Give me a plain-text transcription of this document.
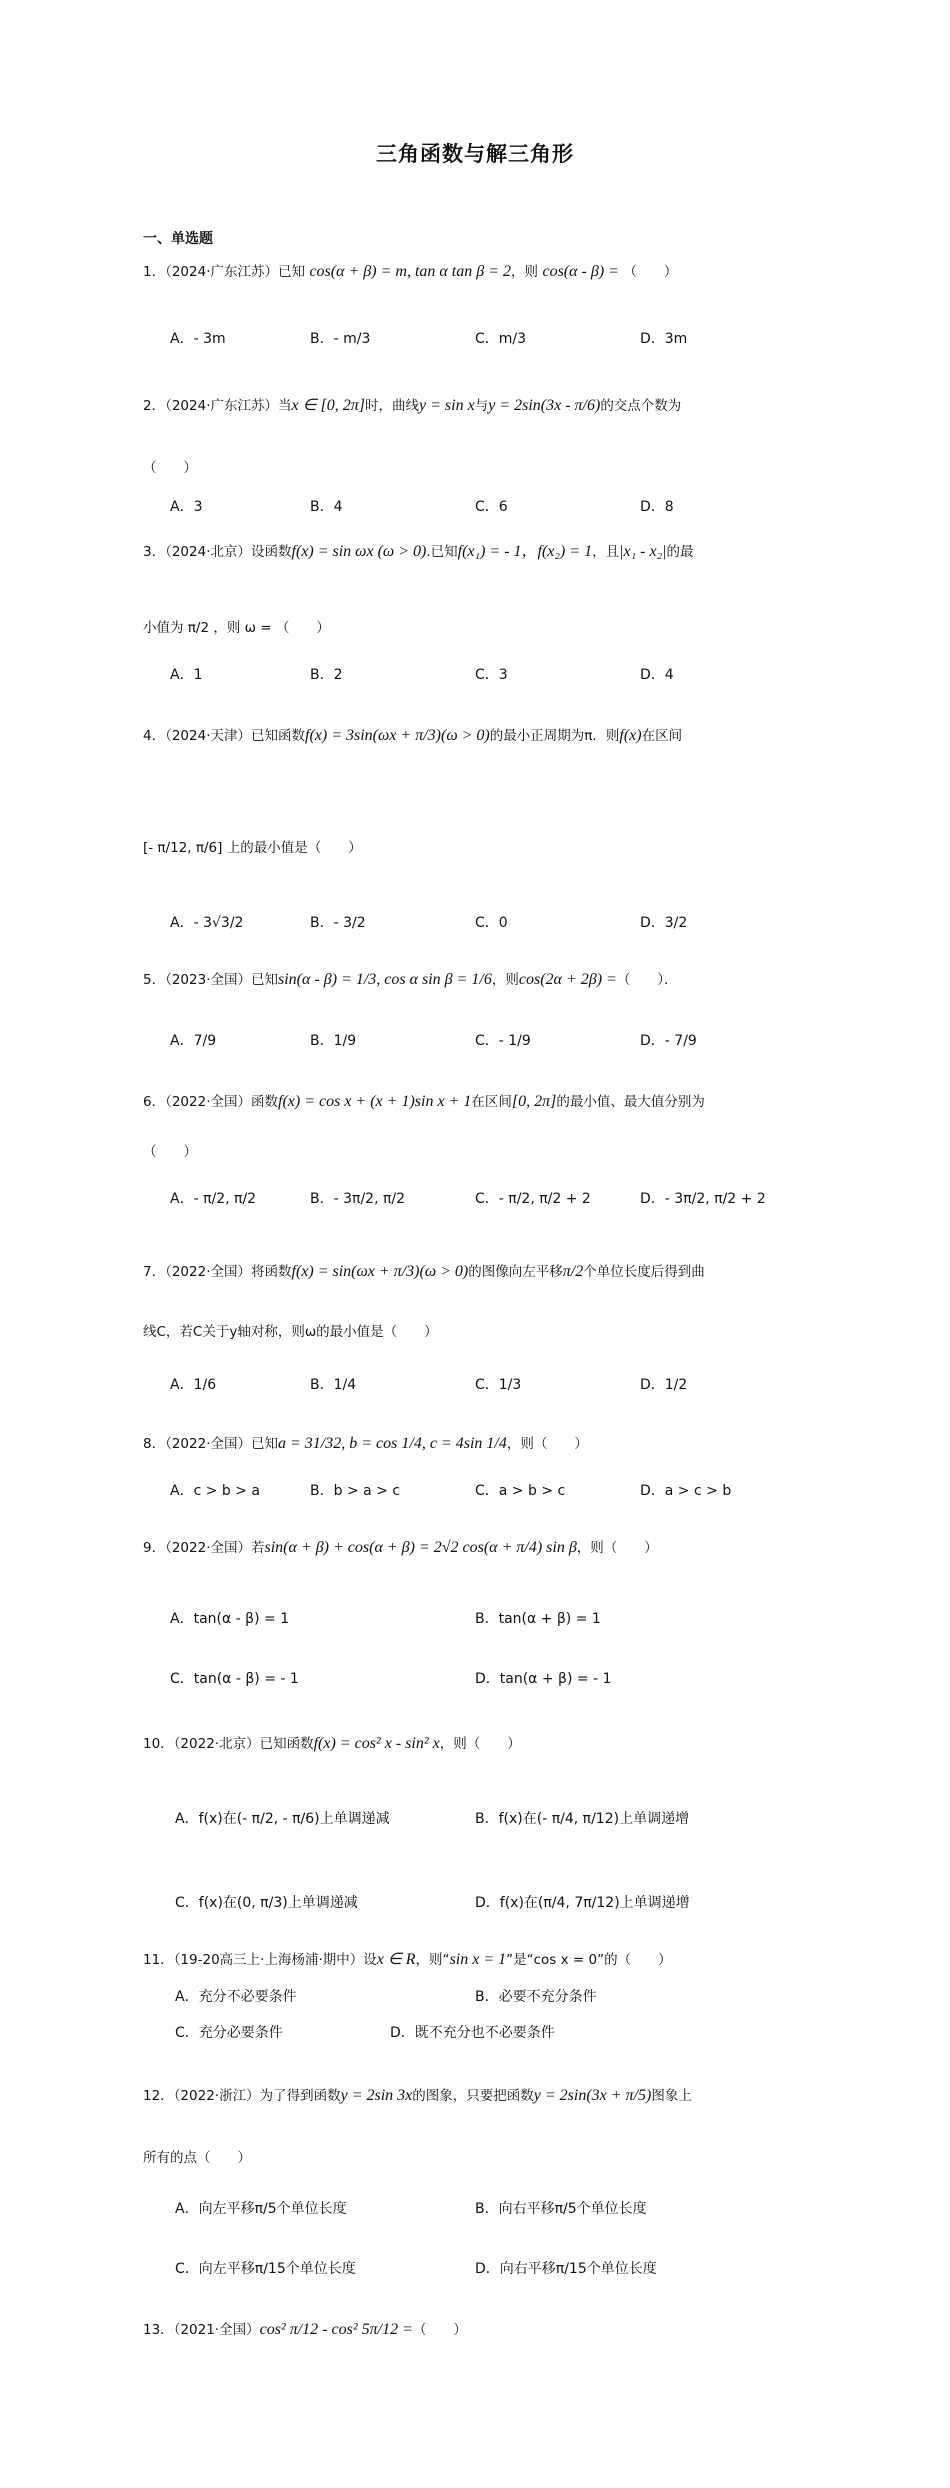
三角函数与解三角形
一、单选题
1．（2024·广东江苏）已知 cos(α + β) = m, tan α tan β = 2，则 cos(α - β) = （　　）
A．- 3m	B．- m/3	C．m/3	D．3m
2．（2024·广东江苏）当x ∈ [0, 2π]时，曲线y = sin x与y = 2sin(3x - π/6)的交点个数为
（　　）
A．3	B．4	C．6	D．8
3．（2024·北京）设函数f(x) = sin ωx (ω > 0).已知f(x₁) = - 1，f(x₂) = 1，且|x₁ - x₂|的最
小值为 π/2 ，则 ω = （　　）
A．1	B．2	C．3	D．4
4．（2024·天津）已知函数f(x) = 3sin(ωx + π/3)(ω > 0)的最小正周期为π．则f(x)在区间
[- π/12, π/6] 上的最小值是（　　）
A．- 3√3/2	B．- 3/2	C．0	D．3/2
5．（2023·全国）已知sin(α - β) = 1/3, cos α sin β = 1/6，则cos(2α + 2β) =（　　）．
A．7/9	B．1/9	C．- 1/9	D．- 7/9
6．（2022·全国）函数f(x) = cos x + (x + 1)sin x + 1在区间[0, 2π]的最小值、最大值分别为
（　　）
A．- π/2, π/2	B．- 3π/2, π/2	C．- π/2, π/2 + 2	D．- 3π/2, π/2 + 2
7．（2022·全国）将函数f(x) = sin(ωx + π/3)(ω > 0)的图像向左平移π/2个单位长度后得到曲
线C，若C关于y轴对称，则ω的最小值是（　　）
A．1/6	B．1/4	C．1/3	D．1/2
8．（2022·全国）已知a = 31/32, b = cos 1/4, c = 4sin 1/4，则（　　）
A．c > b > a	B．b > a > c	C．a > b > c	D．a > c > b
9．（2022·全国）若sin(α + β) + cos(α + β) = 2√2 cos(α + π/4) sin β，则（　　）
A．tan(α - β) = 1	B．tan(α + β) = 1
C．tan(α - β) = - 1	D．tan(α + β) = - 1
10．（2022·北京）已知函数f(x) = cos² x - sin² x，则（　　）
A．f(x)在(- π/2, - π/6)上单调递减	B．f(x)在(- π/4, π/12)上单调递增
C．f(x)在(0, π/3)上单调递减	D．f(x)在(π/4, 7π/12)上单调递增
11．（19-20高三上·上海杨浦·期中）设x ∈ R，则“sin x = 1”是“cos x = 0”的（　　）
A．充分不必要条件	B．必要不充分条件
C．充分必要条件	D．既不充分也不必要条件
12．（2022·浙江）为了得到函数y = 2sin 3x的图象，只要把函数y = 2sin(3x + π/5)图象上
所有的点（　　）
A．向左平移π/5个单位长度	B．向右平移π/5个单位长度
C．向左平移π/15个单位长度	D．向右平移π/15个单位长度
13．（2021·全国）cos² π/12 - cos² 5π/12 =（　　）
